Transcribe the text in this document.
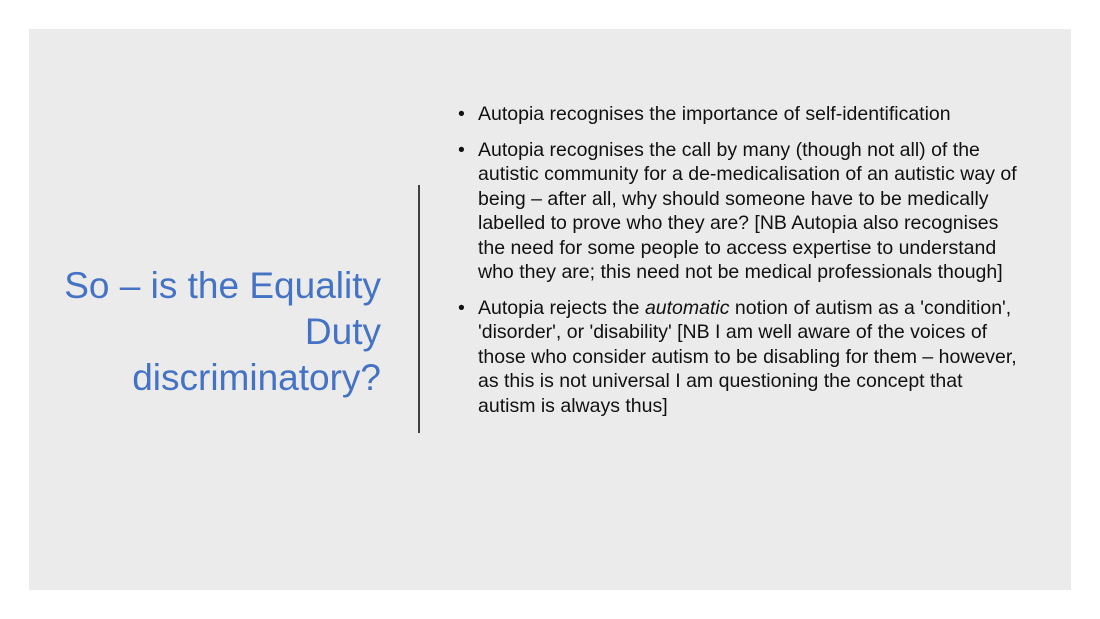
So – is the Equality Duty discriminatory?
• Autopia recognises the importance of self-identification
• Autopia recognises the call by many (though not all) of the autistic community for a de-medicalisation of an autistic way of being – after all, why should someone have to be medically labelled to prove who they are? [NB Autopia also recognises the need for some people to access expertise to understand who they are; this need not be medical professionals though]
• Autopia rejects the automatic notion of autism as a 'condition', 'disorder', or 'disability' [NB I am well aware of the voices of those who consider autism to be disabling for them – however, as this is not universal I am questioning the concept that autism is always thus]
